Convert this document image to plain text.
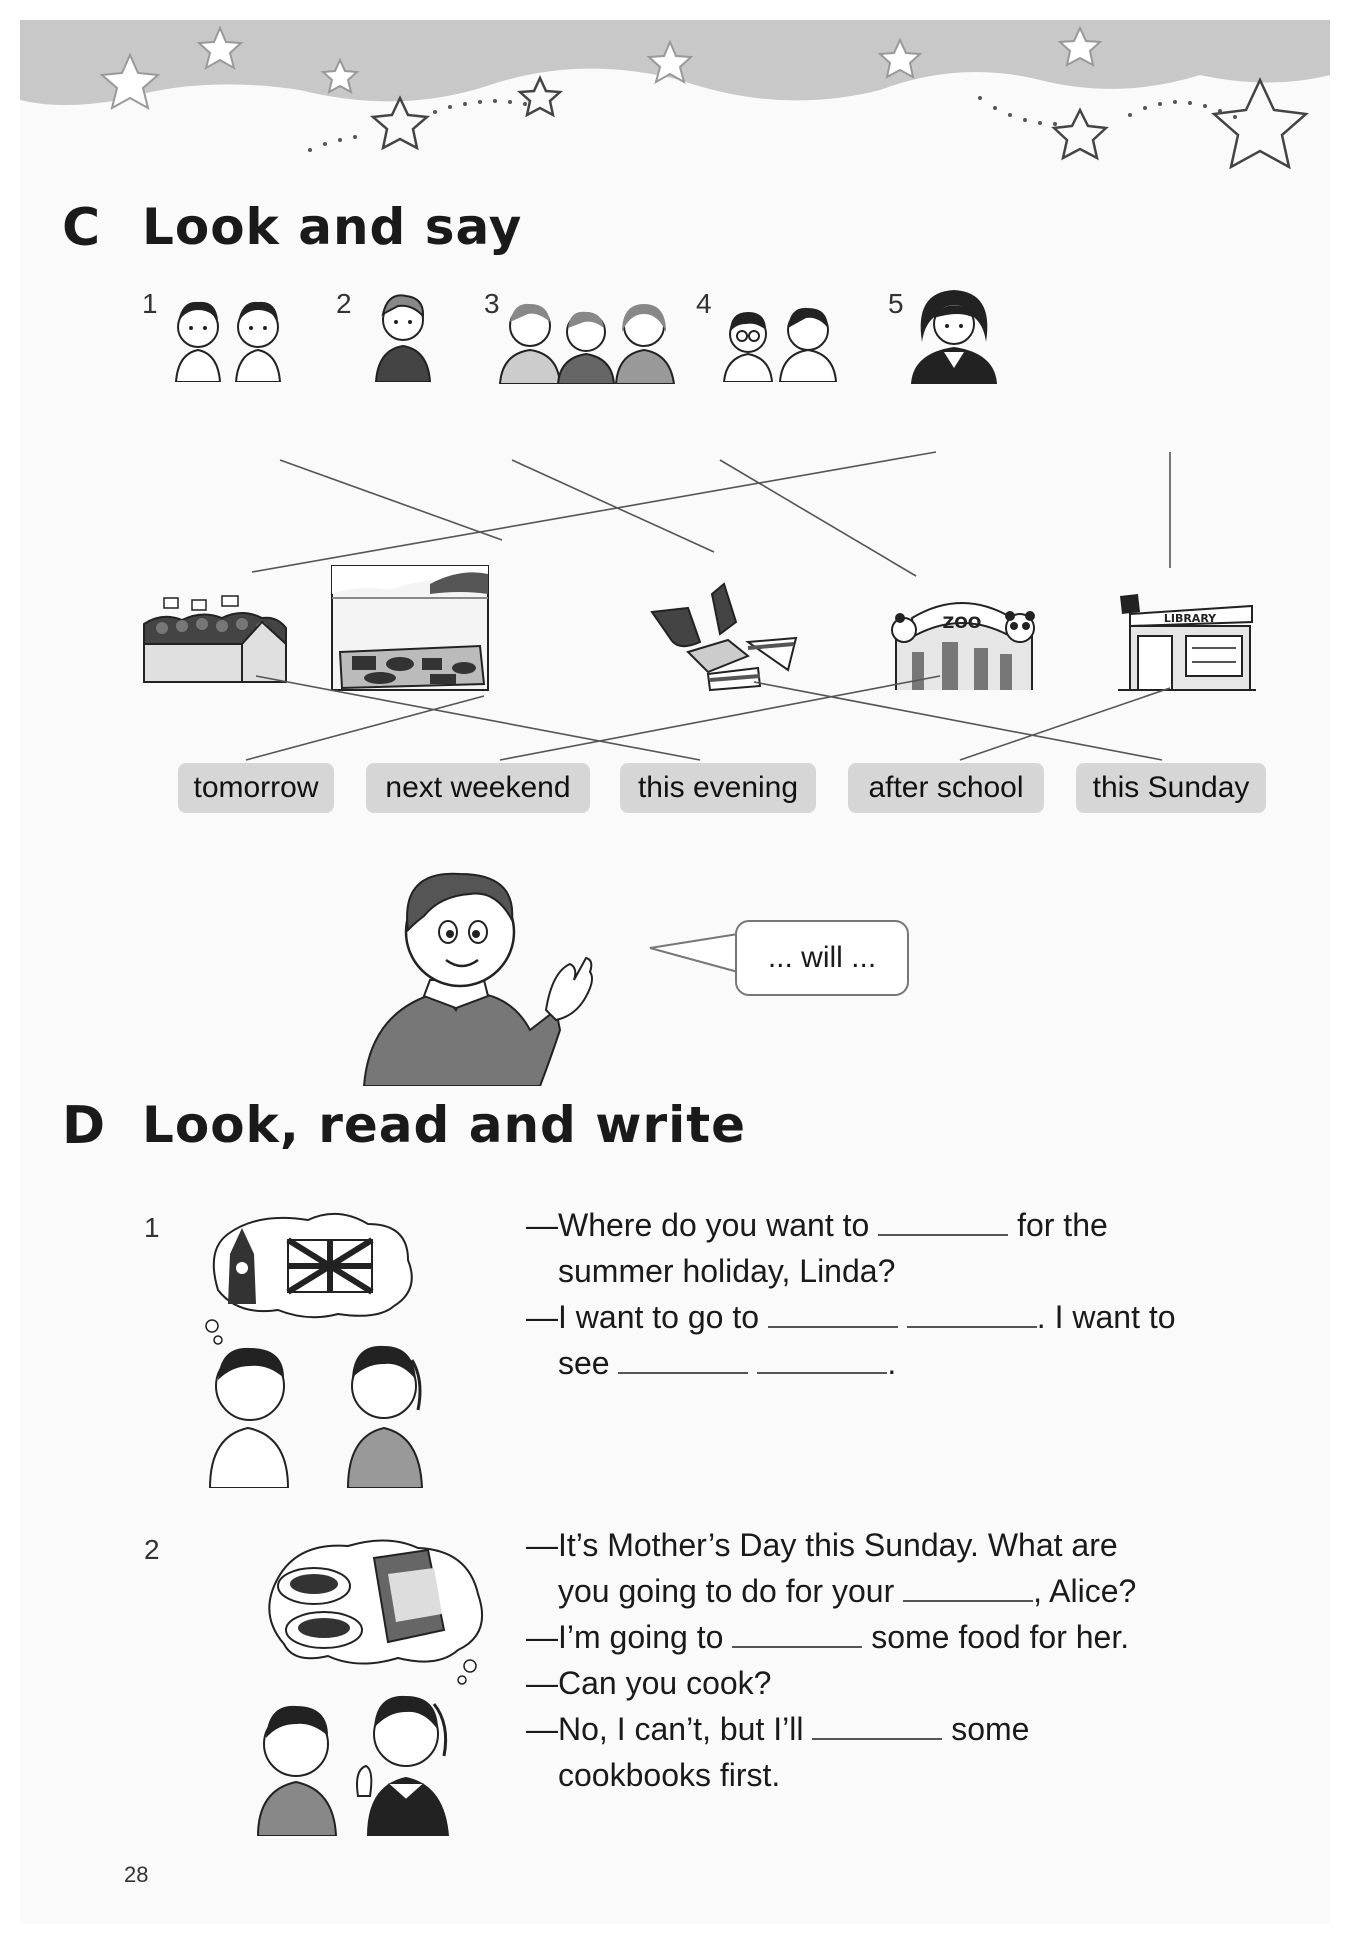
C Look and say
1	2	3	4	5
ZOO	LIBRARY
tomorrow	next weekend	this evening	after school	this Sunday
... will ...
D Look, read and write
1	—Where do you want to	for the
summer holiday, Linda?
—I want to go to	. I want to
see	.
2	—It’s Mother’s Day this Sunday. What are
you going to do for your	, Alice?
—I’m going to	some food for her.
—Can you cook?
—No, I can’t, but I’ll	some
cookbooks first.
28
